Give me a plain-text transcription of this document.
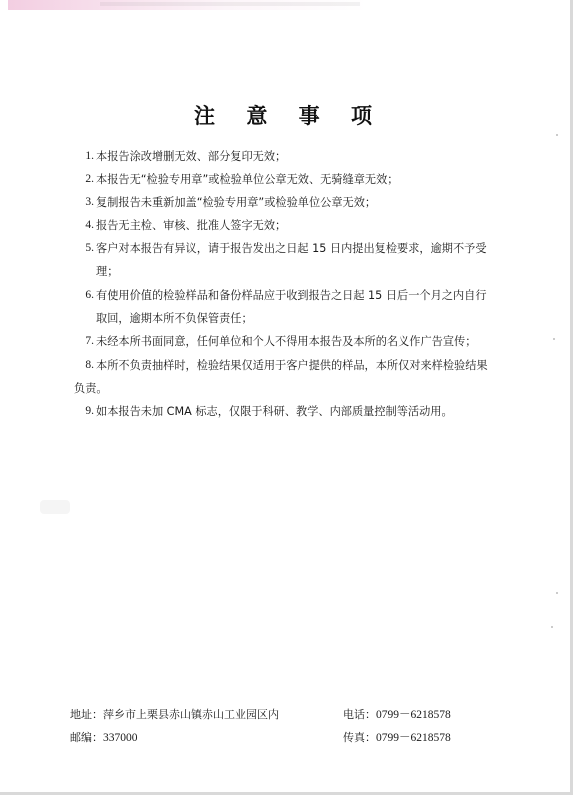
注 意 事 项
1. 本报告涂改增删无效、部分复印无效；
2. 本报告无“检验专用章”或检验单位公章无效、无骑缝章无效；
3. 复制报告未重新加盖“检验专用章”或检验单位公章无效；
4. 报告无主检、审核、批准人签字无效；
5. 客户对本报告有异议，请于报告发出之日起 15 日内提出复检要求，逾期不予受
理；
6. 有使用价值的检验样品和备份样品应于收到报告之日起 15 日后一个月之内自行
取回，逾期本所不负保管责任；
7. 未经本所书面同意，任何单位和个人不得用本报告及本所的名义作广告宣传；
8. 本所不负责抽样时，检验结果仅适用于客户提供的样品，本所仅对来样检验结果
负责。
9. 如本报告未加 CMA 标志，仅限于科研、教学、内部质量控制等活动用。
地址：萍乡市上栗县赤山镇赤山工业园区内	电话：0799－6218578
邮编：337000	传真：0799－6218578
